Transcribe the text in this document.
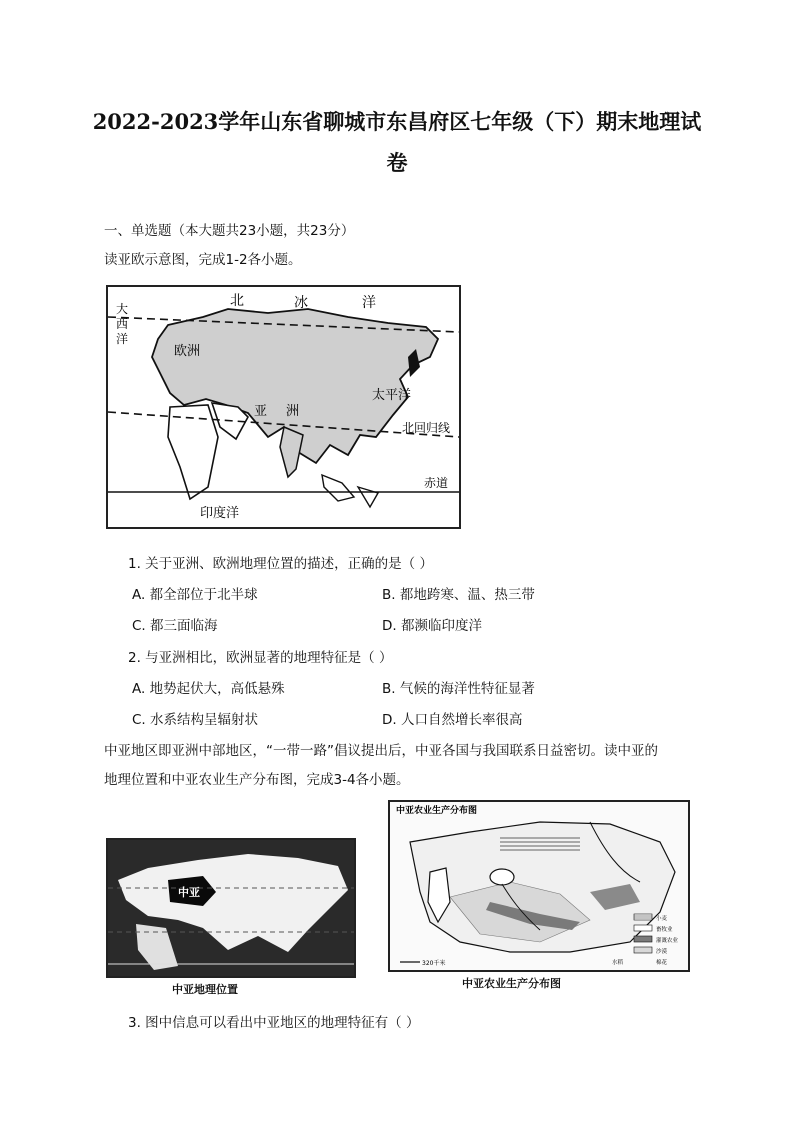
2022-2023学年山东省聊城市东昌府区七年级（下）期末地理试
卷
一、单选题（本大题共23小题，共23分）
读亚欧示意图，完成1-2各小题。
北	冰	洋
大
西
洋
欧洲
亚 洲
太平洋
北回归线
赤道
印度洋
1. 关于亚洲、欧洲地理位置的描述，正确的是（ ）
A. 都全部位于北半球	B. 都地跨寒、温、热三带
C. 都三面临海	D. 都濒临印度洋
2. 与亚洲相比，欧洲显著的地理特征是（ ）
A. 地势起伏大，高低悬殊	B. 气候的海洋性特征显著
C. 水系结构呈辐射状	D. 人口自然增长率很高
中亚地区即亚洲中部地区，“一带一路”倡议提出后，中亚各国与我国联系日益密切。读中亚的
地理位置和中亚农业生产分布图，完成3-4各小题。
中亚
中亚地理位置
中亚农业生产分布图
320千米
小麦
畜牧业
灌溉农业
沙漠
棉花
水稻
中亚农业生产分布图
3. 图中信息可以看出中亚地区的地理特征有（ ）
